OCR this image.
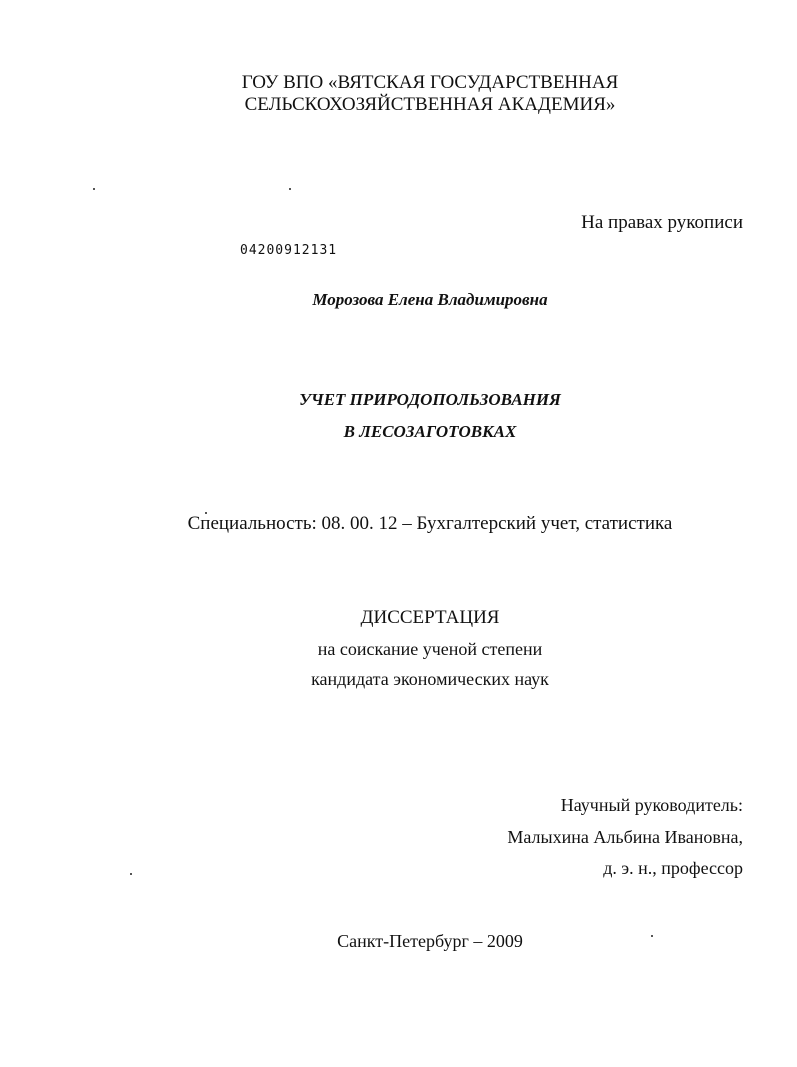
ГОУ ВПО «ВЯТСКАЯ ГОСУДАРСТВЕННАЯ
СЕЛЬСКОХОЗЯЙСТВЕННАЯ АКАДЕМИЯ»
На правах рукописи
04200912131
Морозова Елена Владимировна
УЧЕТ ПРИРОДОПОЛЬЗОВАНИЯ
В ЛЕСОЗАГОТОВКАХ
Специальность: 08. 00. 12 – Бухгалтерский учет, статистика
ДИССЕРТАЦИЯ
на соискание ученой степени
кандидата экономических наук
Научный руководитель:
Малыхина Альбина Ивановна,
д. э. н., профессор
Санкт-Петербург – 2009
